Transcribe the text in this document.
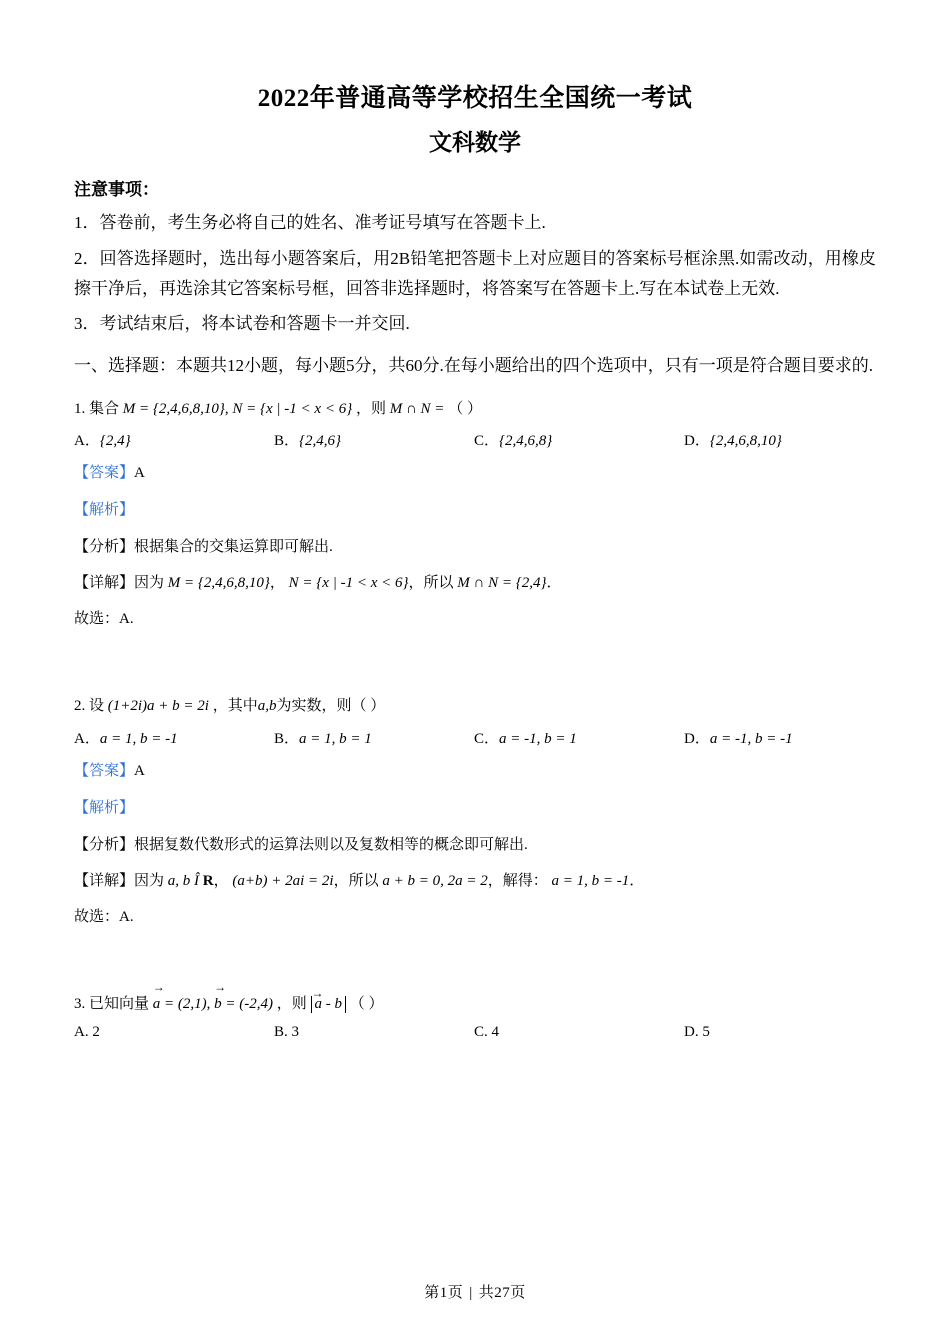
2022年普通高等学校招生全国统一考试
文科数学
注意事项：
1．答卷前，考生务必将自己的姓名、准考证号填写在答题卡上.
2．回答选择题时，选出每小题答案后，用2B铅笔把答题卡上对应题目的答案标号框涂黑.如需改动，用橡皮擦干净后，再选涂其它答案标号框，回答非选择题时，将答案写在答题卡上.写在本试卷上无效.
3．考试结束后，将本试卷和答题卡一并交回.
一、选择题：本题共12小题，每小题5分，共60分.在每小题给出的四个选项中，只有一项是符合题目要求的.
1. 集合 M = {2,4,6,8,10}, N = {x | -1 < x < 6} ，则 M ∩ N = （ ）
A．{2,4}	B．{2,4,6}	C．{2,4,6,8}	D．{2,4,6,8,10}
【答案】A
【解析】
【分析】根据集合的交集运算即可解出.
【详解】因为 M = {2,4,6,8,10}， N = {x | -1 < x < 6}，所以 M ∩ N = {2,4}．
故选：A.
2. 设 (1+2i)a + b = 2i ，其中a,b为实数，则（ ）
A．a = 1, b = -1	B．a = 1, b = 1	C．a = -1, b = 1	D．a = -1, b = -1
【答案】A
【解析】
【分析】根据复数代数形式的运算法则以及复数相等的概念即可解出.
【详解】因为 a, b Î R， (a+b) + 2ai = 2i，所以 a + b = 0, 2a = 2，解得： a = 1, b = -1．
故选：A.
3. 已知向量 a = (2,1) →, b = (-2,4) → ，则 a - b → （ ）
A. 2	B. 3	C. 4	D. 5
第1页 | 共27页
